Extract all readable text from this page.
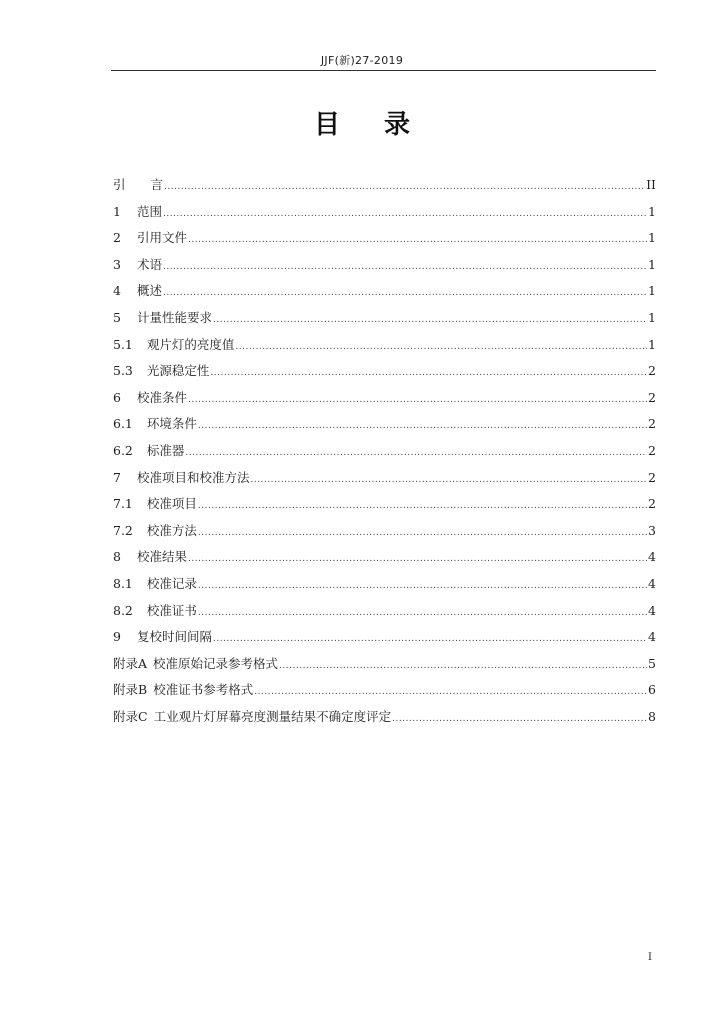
JJF(新)27-2019
目 录
引　　言 .....	II
1 范围 .....	1
2 引用文件 .....	1
3 术语 .....	1
4 概述 .....	1
5 计量性能要求 .....	1
5.1 观片灯的亮度值 .....	1
5.3 光源稳定性 .....	2
6 校准条件 .....	2
6.1 环境条件 .....	2
6.2 标准器 .....	2
7 校准项目和校准方法 .....	2
7.1 校准项目 .....	2
7.2 校准方法 .....	3
8 校准结果 .....	4
8.1 校准记录 .....	4
8.2 校准证书 .....	4
9 复校时间间隔 .....	4
附录A 校准原始记录参考格式 .....	5
附录B 校准证书参考格式 .....	6
附录C 工业观片灯屏幕亮度测量结果不确定度评定 .....	8
I
